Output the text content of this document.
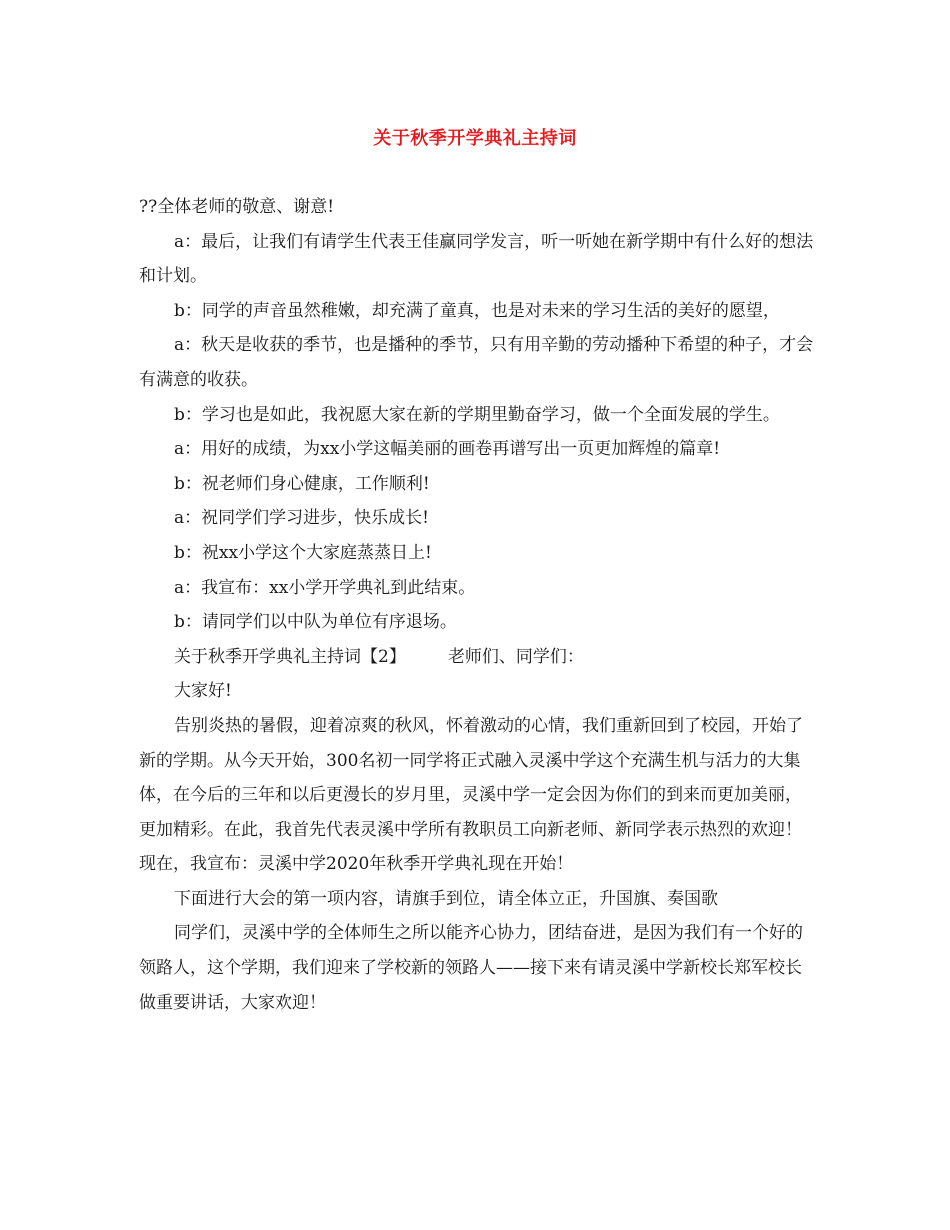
关于秋季开学典礼主持词

??全体老师的敬意、谢意!

a：最后，让我们有请学生代表王佳赢同学发言，听一听她在新学期中有什么好的想法和计划。

b：同学的声音虽然稚嫩，却充满了童真，也是对未来的学习生活的美好的愿望，

a：秋天是收获的季节，也是播种的季节，只有用辛勤的劳动播种下希望的种子，才会有满意的收获。

b：学习也是如此，我祝愿大家在新的学期里勤奋学习，做一个全面发展的学生。

a：用好的成绩，为xx小学这幅美丽的画卷再谱写出一页更加辉煌的篇章!

b：祝老师们身心健康，工作顺利!

a：祝同学们学习进步，快乐成长!

b：祝xx小学这个大家庭蒸蒸日上!

a：我宣布：xx小学开学典礼到此结束。

b：请同学们以中队为单位有序退场。

关于秋季开学典礼主持词【2】 老师们、同学们：

大家好!

告别炎热的暑假，迎着凉爽的秋风，怀着激动的心情，我们重新回到了校园，开始了新的学期。从今天开始，300名初一同学将正式融入灵溪中学这个充满生机与活力的大集体，在今后的三年和以后更漫长的岁月里，灵溪中学一定会因为你们的到来而更加美丽，更加精彩。在此，我首先代表灵溪中学所有教职员工向新老师、新同学表示热烈的欢迎！现在，我宣布：灵溪中学2020年秋季开学典礼现在开始！

下面进行大会的第一项内容，请旗手到位，请全体立正，升国旗、奏国歌

同学们，灵溪中学的全体师生之所以能齐心协力，团结奋进，是因为我们有一个好的领路人，这个学期，我们迎来了学校新的领路人——接下来有请灵溪中学新校长郑军校长做重要讲话，大家欢迎！
